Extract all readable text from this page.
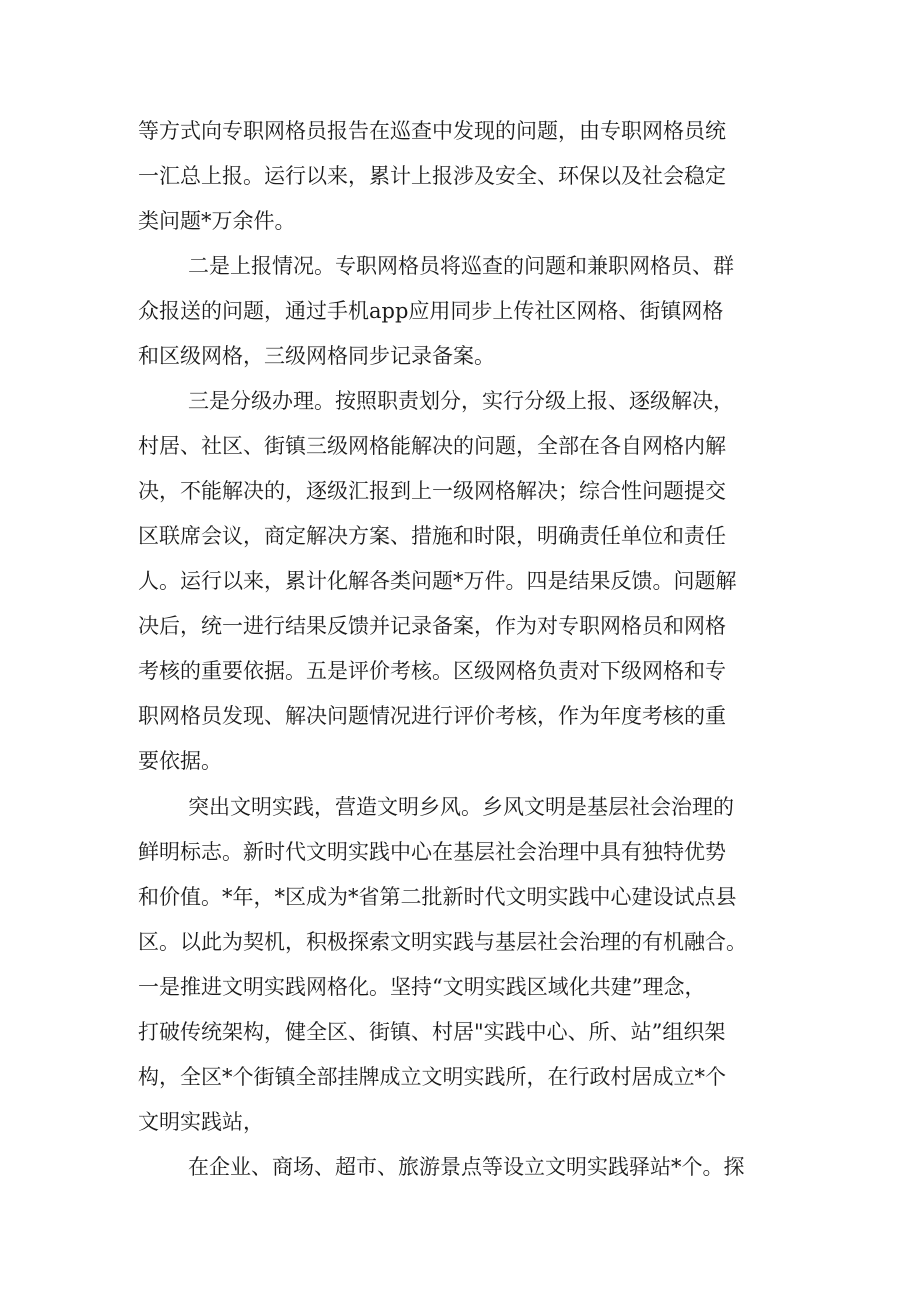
等方式向专职网格员报告在巡查中发现的问题，由专职网格员统

一汇总上报。运行以来，累计上报涉及安全、环保以及社会稳定

类问题*万余件。

二是上报情况。专职网格员将巡查的问题和兼职网格员、群

众报送的问题，通过手机app应用同步上传社区网格、街镇网格

和区级网格，三级网格同步记录备案。

三是分级办理。按照职责划分，实行分级上报、逐级解决，

村居、社区、街镇三级网格能解决的问题，全部在各自网格内解

决，不能解决的，逐级汇报到上一级网格解决；综合性问题提交

区联席会议，商定解决方案、措施和时限，明确责任单位和责任

人。运行以来，累计化解各类问题*万件。四是结果反馈。问题解

决后，统一进行结果反馈并记录备案，作为对专职网格员和网格

考核的重要依据。五是评价考核。区级网格负责对下级网格和专

职网格员发现、解决问题情况进行评价考核，作为年度考核的重

要依据。

突出文明实践，营造文明乡风。乡风文明是基层社会治理的

鲜明标志。新时代文明实践中心在基层社会治理中具有独特优势

和价值。*年，*区成为*省第二批新时代文明实践中心建设试点县

区。以此为契机，积极探索文明实践与基层社会治理的有机融合。

一是推进文明实践网格化。坚持“文明实践区域化共建”理念，

打破传统架构，健全区、街镇、村居"实践中心、所、站”组织架

构，全区*个街镇全部挂牌成立文明实践所，在行政村居成立*个

文明实践站，

在企业、商场、超市、旅游景点等设立文明实践驿站*个。探
